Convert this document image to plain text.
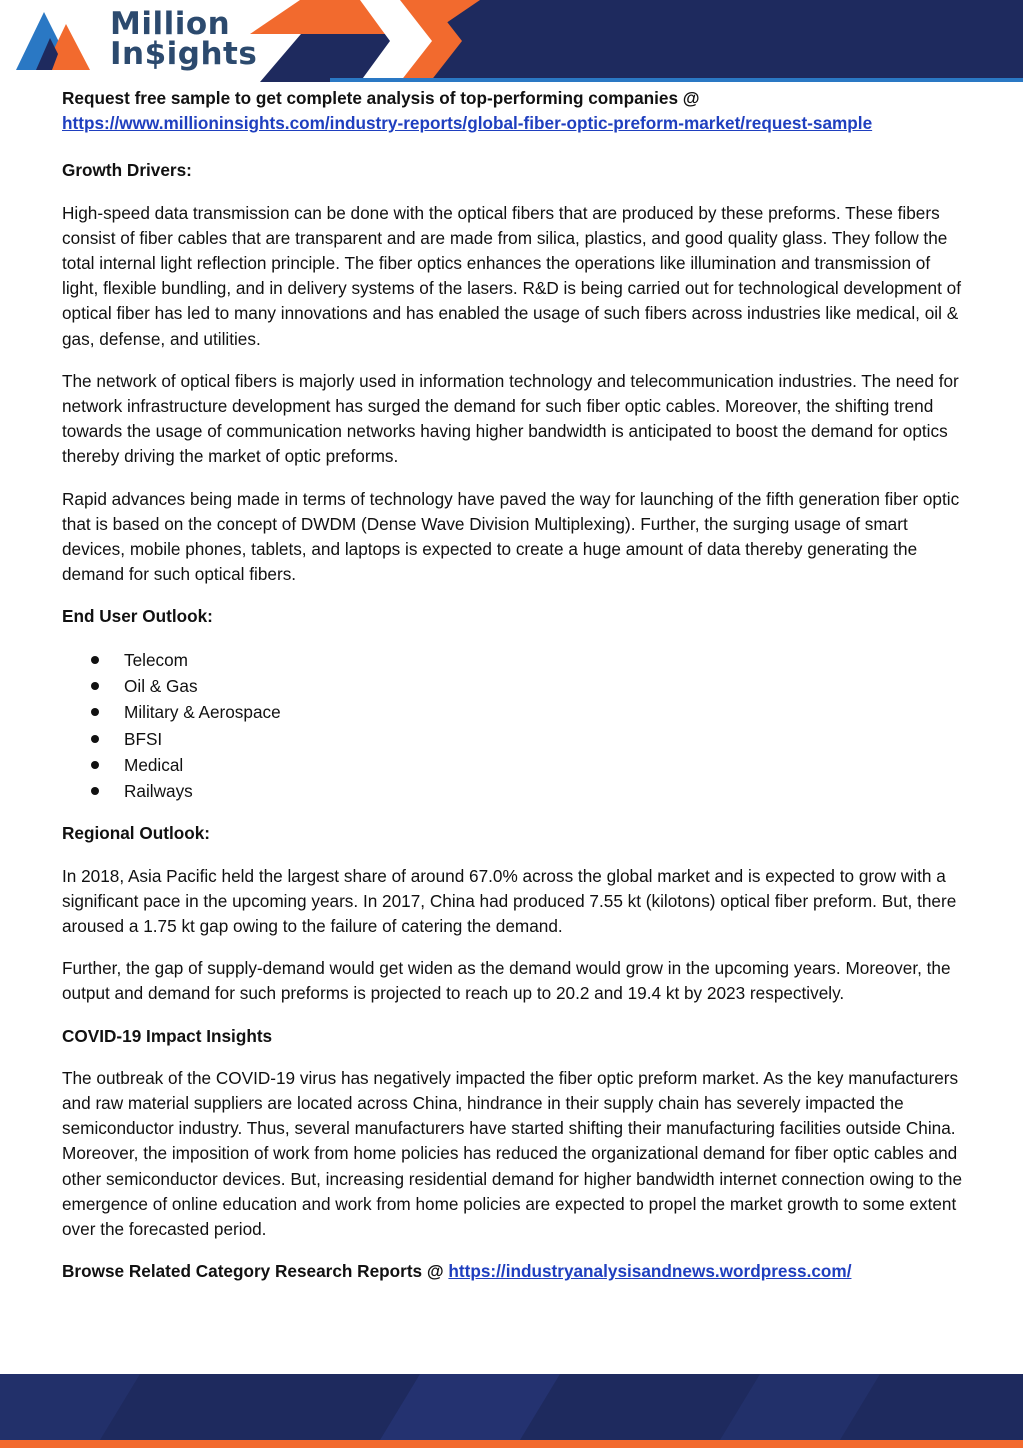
Million
In$ights

Request free sample to get complete analysis of top-performing companies @

https://www.millioninsights.com/industry-reports/global-fiber-optic-preform-market/request-sample

Growth Drivers:

High-speed data transmission can be done with the optical fibers that are produced by these preforms. These fibers consist of fiber cables that are transparent and are made from silica, plastics, and good quality glass. They follow the total internal light reflection principle. The fiber optics enhances the operations like illumination and transmission of light, flexible bundling, and in delivery systems of the lasers. R&D is being carried out for technological development of optical fiber has led to many innovations and has enabled the usage of such fibers across industries like medical, oil & gas, defense, and utilities.

The network of optical fibers is majorly used in information technology and telecommunication industries. The need for network infrastructure development has surged the demand for such fiber optic cables. Moreover, the shifting trend towards the usage of communication networks having higher bandwidth is anticipated to boost the demand for optics thereby driving the market of optic preforms.

Rapid advances being made in terms of technology have paved the way for launching of the fifth generation fiber optic that is based on the concept of DWDM (Dense Wave Division Multiplexing). Further, the surging usage of smart devices, mobile phones, tablets, and laptops is expected to create a huge amount of data thereby generating the demand for such optical fibers.

End User Outlook:

Telecom
Oil & Gas
Military & Aerospace
BFSI
Medical
Railways

Regional Outlook:

In 2018, Asia Pacific held the largest share of around 67.0% across the global market and is expected to grow with a significant pace in the upcoming years. In 2017, China had produced 7.55 kt (kilotons) optical fiber preform. But, there aroused a 1.75 kt gap owing to the failure of catering the demand.

Further, the gap of supply-demand would get widen as the demand would grow in the upcoming years. Moreover, the output and demand for such preforms is projected to reach up to 20.2 and 19.4 kt by 2023 respectively.

COVID-19 Impact Insights

The outbreak of the COVID-19 virus has negatively impacted the fiber optic preform market. As the key manufacturers and raw material suppliers are located across China, hindrance in their supply chain has severely impacted the semiconductor industry. Thus, several manufacturers have started shifting their manufacturing facilities outside China. Moreover, the imposition of work from home policies has reduced the organizational demand for fiber optic cables and other semiconductor devices. But, increasing residential demand for higher bandwidth internet connection owing to the emergence of online education and work from home policies are expected to propel the market growth to some extent over the forecasted period.

Browse Related Category Research Reports @ https://industryanalysisandnews.wordpress.com/
